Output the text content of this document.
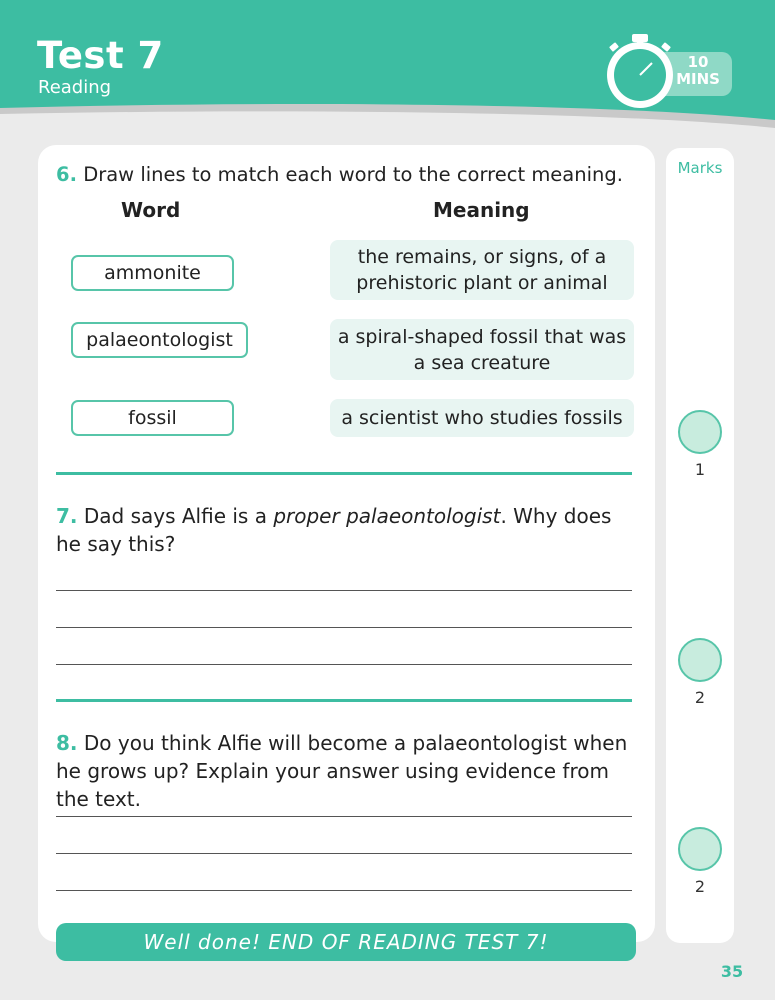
Test 7

Reading

10
MINS
Marks
1
2
2
6. Draw lines to match each word to the correct meaning.
Word	Meaning
ammonite
palaeontologist
fossil
the remains, or signs, of a prehistoric plant or animal
a spiral-shaped fossil that was a sea creature
a scientist who studies fossils
7. Dad says Alfie is a proper palaeontologist. Why does he say this?
8. Do you think Alfie will become a palaeontologist when he grows up? Explain your answer using evidence from the text.
Well done! END OF READING TEST 7!
35
